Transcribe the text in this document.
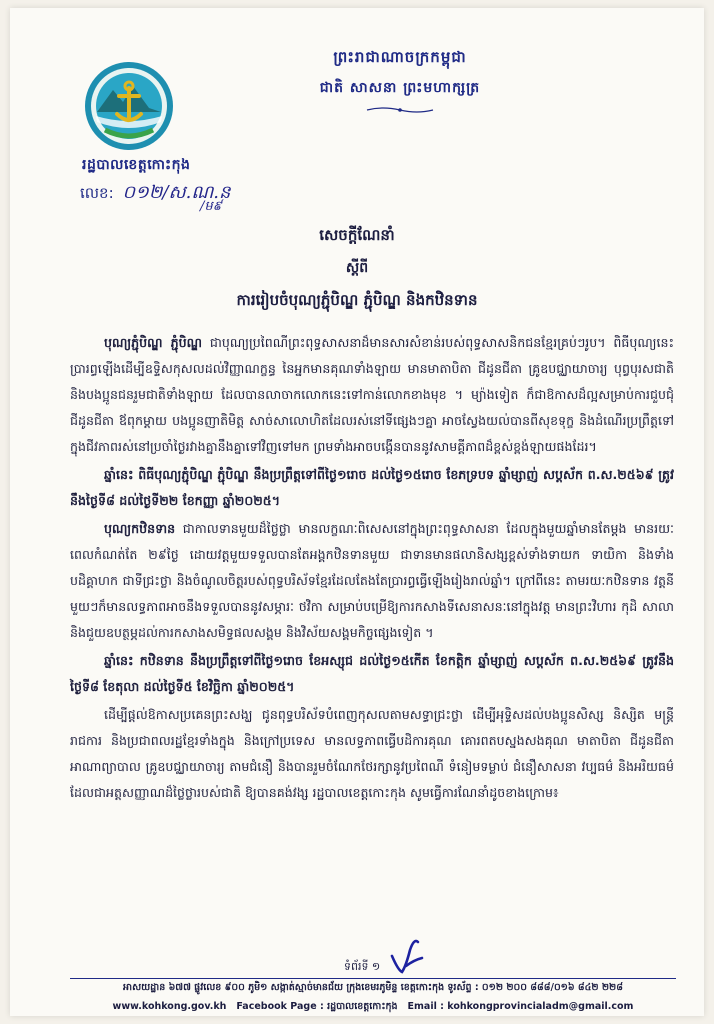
រដ្ឋបាលខេត្តកោះកុង
លេខ: ០១២/ស.ណ.ន
/ម៩
ព្រះរាជាណាចក្រកម្ពុជា
ជាតិ សាសនា ព្រះមហាក្សត្រ
សេចក្តីណែនាំ
ស្តីពី
ការរៀបចំបុណ្យភ្ជុំបិណ្ឌ ភ្ជុំបិណ្ឌ និងកឋិនទាន

បុណ្យភ្ជុំបិណ្ឌ ភ្ជុំបិណ្ឌ ជាបុណ្យប្រពៃណីព្រះពុទ្ធសាសនាដ៏មានសារសំខាន់របស់ពុទ្ធសាសនិកជនខ្មែរគ្រប់ៗរូប។ ពិធីបុណ្យនេះ ប្រារព្ធឡើងដើម្បីឧទ្ទិសកុសលដល់វិញ្ញាណក្ខន្ធ នៃអ្នកមានគុណទាំងឡាយ មានមាតាបិតា ជីដូនជីតា គ្រូឧបជ្ឈាយាចារ្យ បុព្វបុរសជាតិ និងបងប្អូនជនរួមជាតិទាំងឡាយ ដែលបានលាចាកលោកនេះទៅកាន់លោកខាងមុខ ។ ម្យ៉ាងទៀត ក៏ជាឱកាសដ៏ល្អសម្រាប់ការជួបជុំជីដូនជីតា ឪពុកម្តាយ បងប្អូនញាតិមិត្ត សាច់សាលោហិតដែលរស់នៅទីផ្សេងៗគ្នា អាចស្វែងយល់បានពីសុខទុក្ខ និងដំណើរប្រព្រឹត្តទៅក្នុងជីវភាពរស់នៅប្រចាំថ្ងៃរវាងគ្នានឹងគ្នាទៅវិញទៅមក ព្រមទាំងអាចបង្កើនបាននូវសាមគ្គីភាពដ៏ខ្ពស់ខ្ពង់ឡាយផងដែរ។

ឆ្នាំនេះ ពិធីបុណ្យភ្ជុំបិណ្ឌ ភ្ជុំបិណ្ឌ នឹងប្រព្រឹត្តទៅពីថ្ងៃ១រោច ដល់ថ្ងៃ១៥រោច ខែភទ្របទ ឆ្នាំម្សាញ់ សប្តស័ក ព.ស.២៥៦៩ ត្រូវនឹងថ្ងៃទី៨ ដល់ថ្ងៃទី២២ ខែកញ្ញា ឆ្នាំ២០២៥។

បុណ្យកឋិនទាន ជាកាលទានមួយដ៏ថ្លៃថ្លា មានលក្ខណៈពិសេសនៅក្នុងព្រះពុទ្ធសាសនា ដែលក្នុងមួយឆ្នាំមានតែម្តង មានរយៈពេលកំណត់តែ ២៩ថ្ងៃ ដោយវត្តមួយទទួលបានតែអង្គកឋិនទានមួយ ជាទានមានផលានិសង្សខ្ពស់ទាំងទាយក ទាយិកា និងទាំងបដិគ្គាហក ជាទីជ្រះថ្លា និងចំណូលចិត្តរបស់ពុទ្ធបរិស័ទខ្មែរដែលតែងតែប្រារព្ធធ្វើឡើងរៀងរាល់ឆ្នាំ។ ក្រៅពីនេះ តាមរយៈកឋិនទាន វត្តនីមួយៗក៏មានលទ្ធភាពអាចនឹងទទួលបាននូវសម្ភារៈ ថវិកា សម្រាប់បម្រើឱ្យការកសាងទីសេនាសនៈនៅក្នុងវត្ត មានព្រះវិហារ កុដិ សាលា និងជួយឧបត្ថម្ភដល់ការកសាងសមិទ្ធផលសង្គម និងវិស័យសង្គមកិច្ចផ្សេងទៀត ។

ឆ្នាំនេះ កឋិនទាន នឹងប្រព្រឹត្តទៅពីថ្ងៃ១រោច ខែអស្សុជ ដល់ថ្ងៃ១៥កើត ខែកត្តិក ឆ្នាំម្សាញ់ សប្តស័ក ព.ស.២៥៦៩ ត្រូវនឹងថ្ងៃទី៨ ខែតុលា ដល់ថ្ងៃទី៥ ខែវិច្ឆិកា ឆ្នាំ២០២៥។

ដើម្បីផ្តល់ឱកាសប្រគេនព្រះសង្ឃ ជូនពុទ្ធបរិស័ទបំពេញកុសលតាមសទ្ធាជ្រះថ្លា ដើម្បីអុទ្ទិសដល់បងប្អូនសិស្ស និស្សិត មន្ត្រីរាជការ និងប្រជាពលរដ្ឋខ្មែរទាំងក្នុង និងក្រៅប្រទេស មានលទ្ធភាពធ្វើបដិការគុណ គោរពតបស្នងសងគុណ មាតាបិតា ជីដូនជីតា អាណាព្យាបាល គ្រូឧបជ្ឈាយាចារ្យ តាមជំនឿ និងបានរួមចំណែកថែរក្សានូវប្រពៃណី ទំនៀមទម្លាប់ ជំនឿសាសនា វប្បធម៌ និងអរិយធម៌ ដែលជាអត្តសញ្ញាណដ៏ថ្លៃថ្លារបស់ជាតិ ឱ្យបានគង់វង្ស រដ្ឋបាលខេត្តកោះកុង សូមធ្វើការណែនាំដូចខាងក្រោម៖

ទំព័រទី ១
អាសយដ្ឋាន ៦៧៧ ផ្លូវលេខ ៩០០ ភូមិ១ សង្កាត់ស្មាច់មានជ័យ ក្រុងខេមរភូមិន្ទ ខេត្តកោះកុង ទូរស័ព្ទ : ០១២ ២០០ ៨៨៨/០១៦ ៨៤២ ២២៨
www.kohkong.gov.kh Facebook Page : រដ្ឋបាលខេត្តកោះកុង Email : kohkongprovincialadm@gmail.com
